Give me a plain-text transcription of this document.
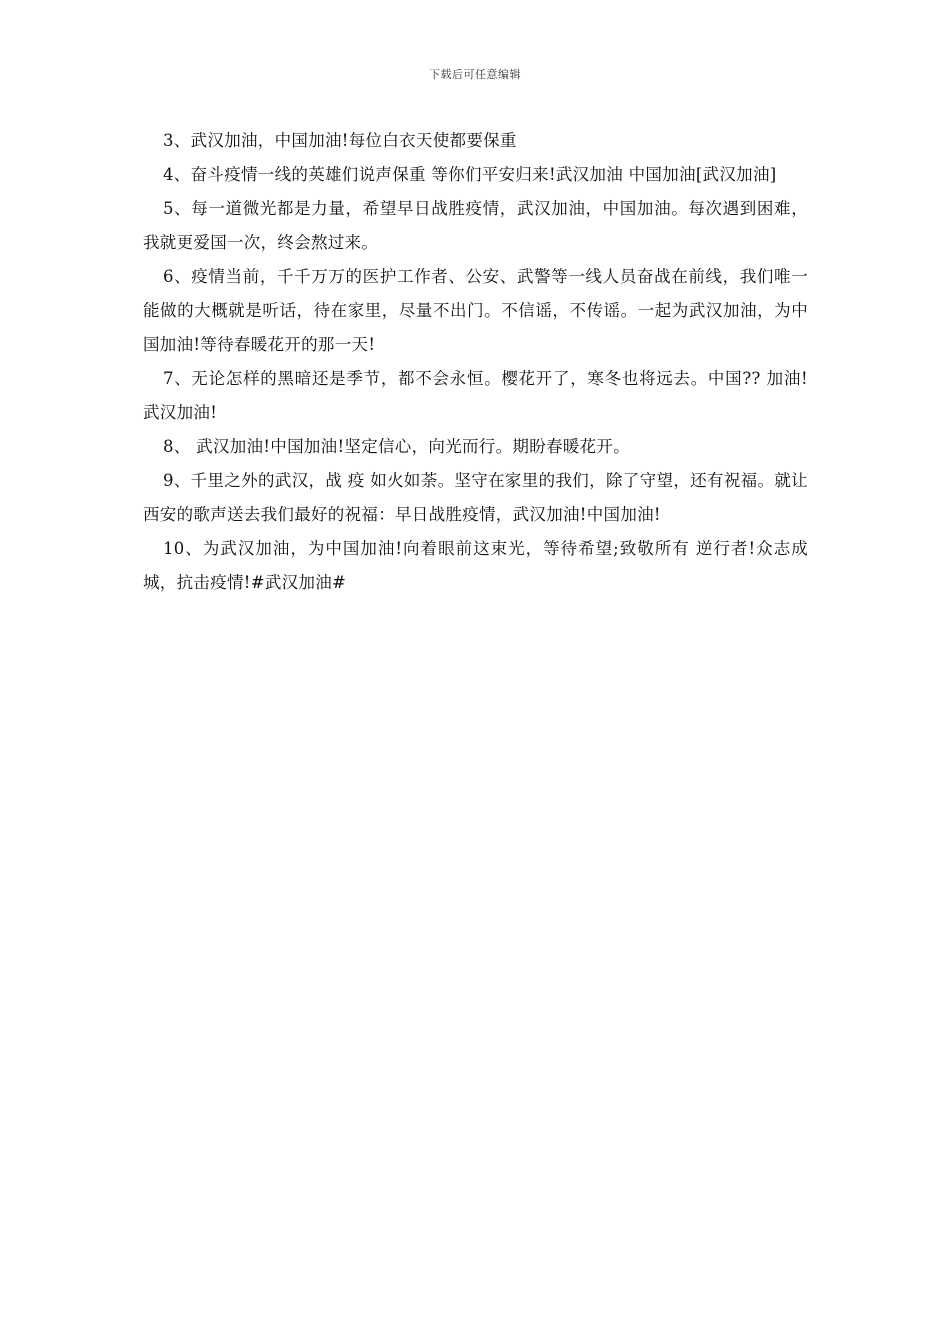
下载后可任意编辑

3、武汉加油，中国加油!每位白衣天使都要保重

4、奋斗疫情一线的英雄们说声保重 等你们平安归来!武汉加油 中国加油[武汉加油]

5、每一道微光都是力量，希望早日战胜疫情，武汉加油，中国加油。每次遇到困难，我就更爱国一次，终会熬过来。

6、疫情当前，千千万万的医护工作者、公安、武警等一线人员奋战在前线，我们唯一能做的大概就是听话，待在家里，尽量不出门。不信谣，不传谣。一起为武汉加油，为中国加油!等待春暖花开的那一天!

7、无论怎样的黑暗还是季节，都不会永恒。樱花开了，寒冬也将远去。中国?? 加油!武汉加油!

8、 武汉加油!中国加油!坚定信心，向光而行。期盼春暖花开。

9、千里之外的武汉，战 疫 如火如荼。坚守在家里的我们，除了守望，还有祝福。就让西安的歌声送去我们最好的祝福：早日战胜疫情，武汉加油!中国加油!

10、为武汉加油，为中国加油!向着眼前这束光，等待希望;致敬所有 逆行者!众志成城，抗击疫情!#武汉加油#
